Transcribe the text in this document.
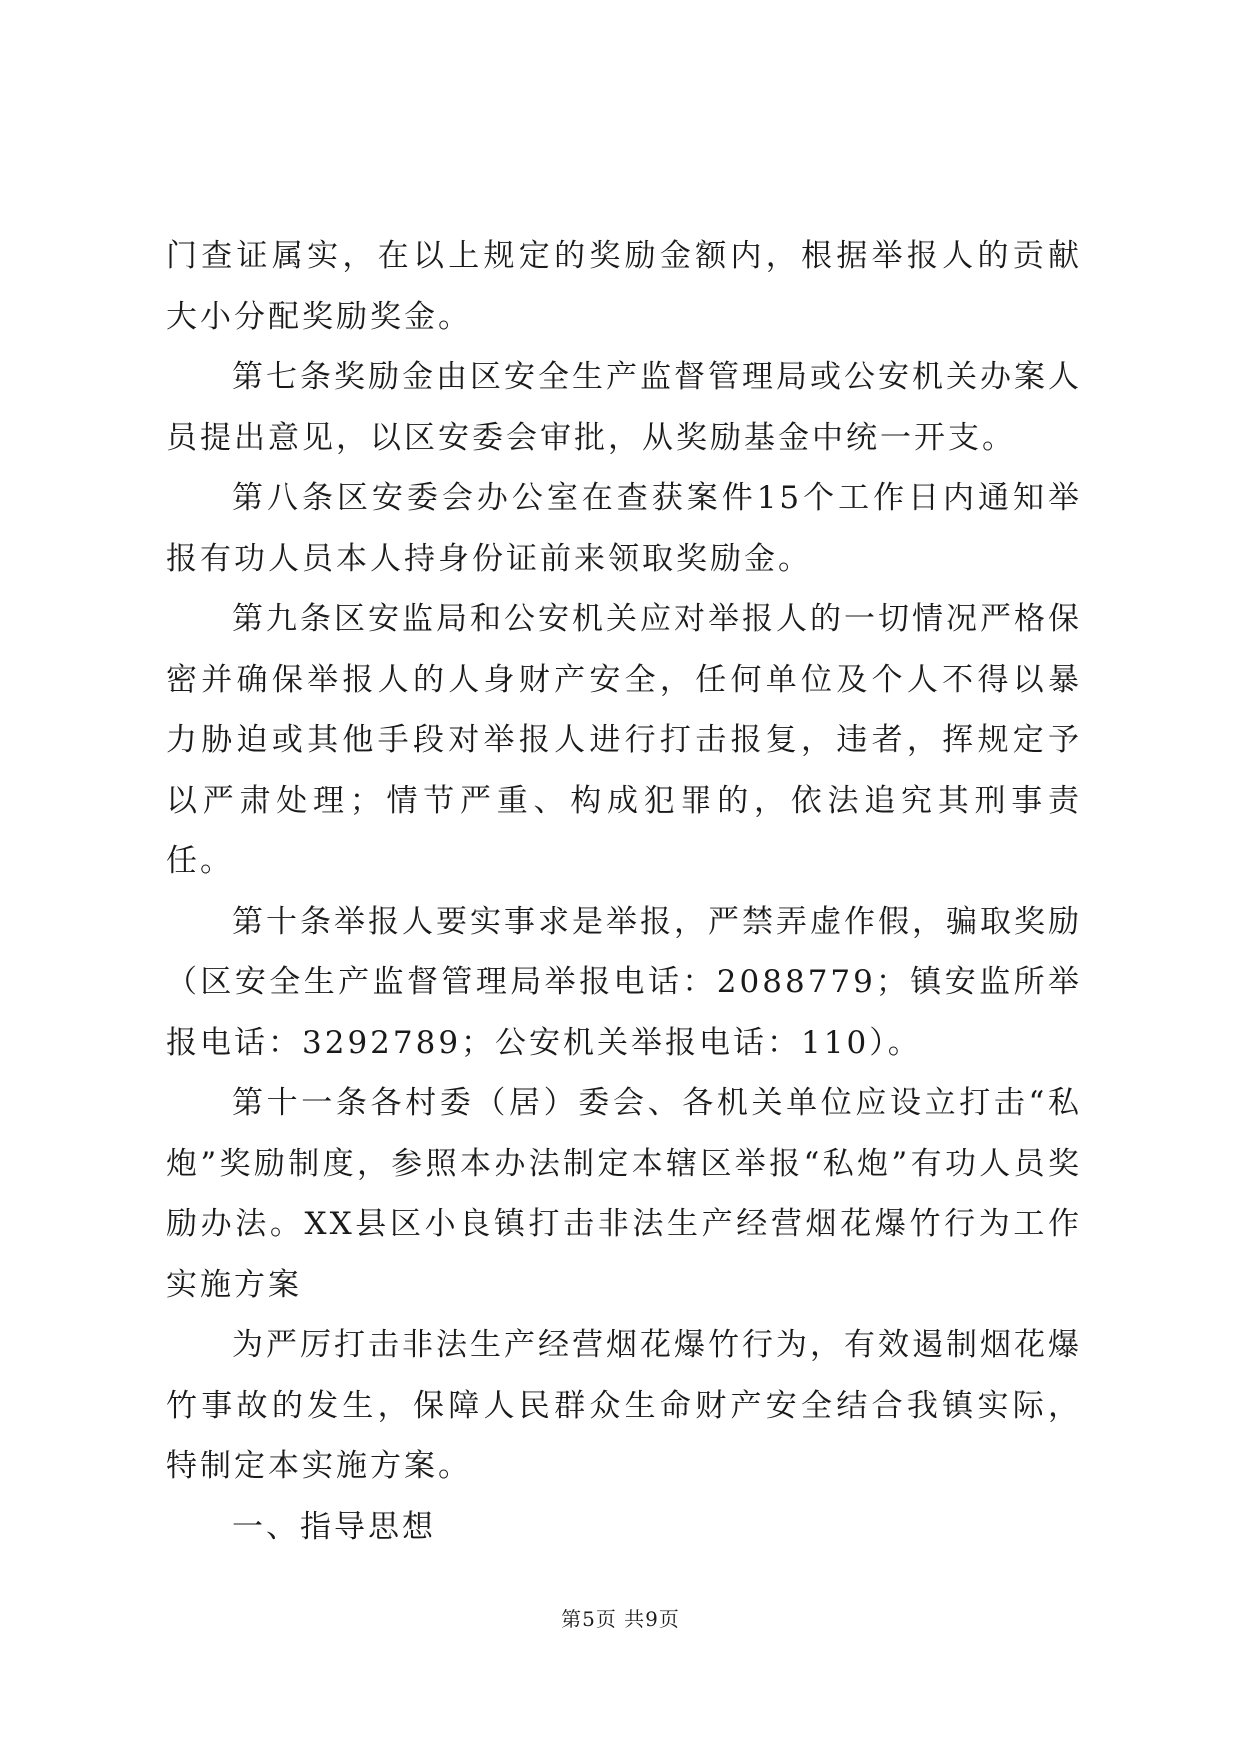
门查证属实，在以上规定的奖励金额内，根据举报人的贡献大小分配奖励奖金。

第七条奖励金由区安全生产监督管理局或公安机关办案人员提出意见，以区安委会审批，从奖励基金中统一开支。

第八条区安委会办公室在查获案件15个工作日内通知举报有功人员本人持身份证前来领取奖励金。

第九条区安监局和公安机关应对举报人的一切情况严格保密并确保举报人的人身财产安全，任何单位及个人不得以暴力胁迫或其他手段对举报人进行打击报复，违者，挥规定予以严肃处理；情节严重、构成犯罪的，依法追究其刑事责任。

第十条举报人要实事求是举报，严禁弄虚作假，骗取奖励（区安全生产监督管理局举报电话：2088779；镇安监所举报电话：3292789；公安机关举报电话：110）。

第十一条各村委（居）委会、各机关单位应设立打击“私炮”奖励制度，参照本办法制定本辖区举报“私炮”有功人员奖励办法。XX县区小良镇打击非法生产经营烟花爆竹行为工作实施方案

为严厉打击非法生产经营烟花爆竹行为，有效遏制烟花爆竹事故的发生，保障人民群众生命财产安全结合我镇实际，特制定本实施方案。

一、指导思想

第5页 共9页
